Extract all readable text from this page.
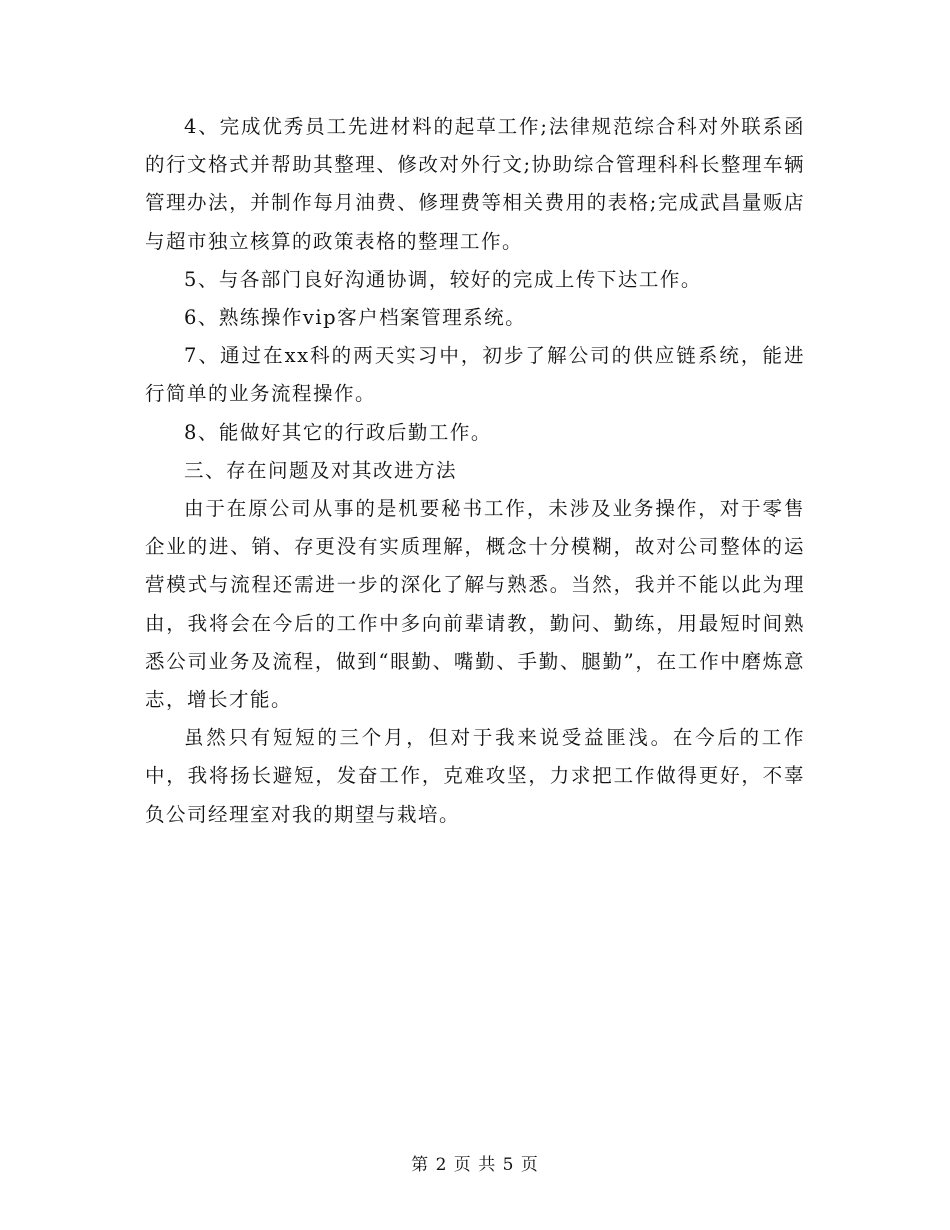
4、完成优秀员工先进材料的起草工作;法律规范综合科对外联系函的行文格式并帮助其整理、修改对外行文;协助综合管理科科长整理车辆管理办法，并制作每月油费、修理费等相关费用的表格;完成武昌量贩店与超市独立核算的政策表格的整理工作。

5、与各部门良好沟通协调，较好的完成上传下达工作。

6、熟练操作vip客户档案管理系统。

7、通过在xx科的两天实习中，初步了解公司的供应链系统，能进行简单的业务流程操作。

8、能做好其它的行政后勤工作。

三、存在问题及对其改进方法

由于在原公司从事的是机要秘书工作，未涉及业务操作，对于零售企业的进、销、存更没有实质理解，概念十分模糊，故对公司整体的运营模式与流程还需进一步的深化了解与熟悉。当然，我并不能以此为理由，我将会在今后的工作中多向前辈请教，勤问、勤练，用最短时间熟悉公司业务及流程，做到“眼勤、嘴勤、手勤、腿勤”，在工作中磨炼意志，增长才能。

虽然只有短短的三个月，但对于我来说受益匪浅。在今后的工作中，我将扬长避短，发奋工作，克难攻坚，力求把工作做得更好，不辜负公司经理室对我的期望与栽培。

第 2 页 共 5 页
